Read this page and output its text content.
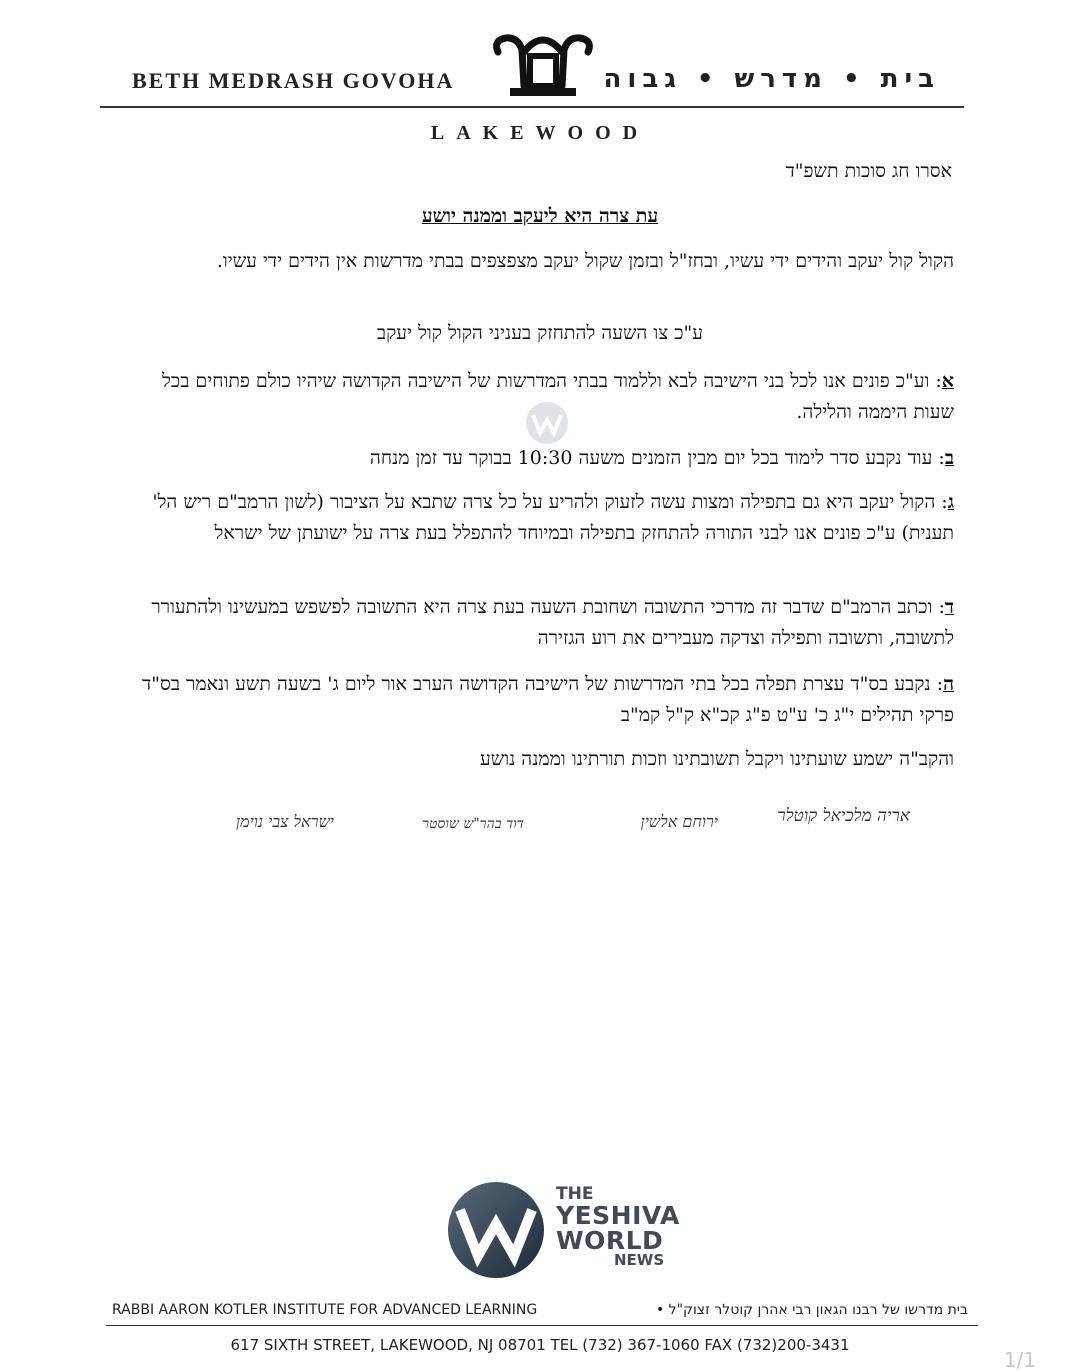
BETH MEDRASH GOVOHA	בית • מדרש • גבוה
LAKEWOOD
אסרו חג סוכות תשפ"ד
עת צרה היא ליעקב וממנה יושע
הקול קול יעקב והידים ידי עשיו, ובחז"ל ובזמן שקול יעקב מצפצפים בבתי מדרשות אין הידים ידי עשיו.
ע"כ צו השעה להתחזק בעניני הקול קול יעקב
א: וע"כ פונים אנו לכל בני הישיבה לבא וללמוד בבתי המדרשות של הישיבה הקדושה שיהיו כולם פתוחים בכל שעות היממה והלילה.
ב: עוד נקבע סדר לימוד בכל יום מבין הזמנים משעה 10:30 בבוקר עד זמן מנחה
ג: הקול יעקב היא גם בתפילה ומצות עשה לזעוק ולהריע על כל צרה שתבא על הציבור (לשון הרמב"ם ריש הל' תענית) ע"כ פונים אנו לבני התורה להתחזק בתפילה ובמיוחד להתפלל בעת צרה על ישועתן של ישראל
ד: וכתב הרמב"ם שדבר זה מדרכי התשובה ושחובת השעה בעת צרה היא התשובה לפשפש במעשינו ולהתעורר לתשובה, ותשובה ותפילה וצדקה מעבירים את רוע הגזירה
ה: נקבע בס"ד עצרת תפלה בכל בתי המדרשות של הישיבה הקדושה הערב אור ליום ג' בשעה תשע ונאמר בס"ד פרקי תהילים י"ג כ' ע"ט פ"ג קכ"א ק"ל קמ"ב
והקב"ה ישמע שועתינו ויקבל תשובתינו וזכות תורתינו וממנה נושע
אריה מלכיאל קוטלר
ירוחם אלשין
דוד בהר"ש שוסטר
ישראל צבי נוימן
THE
YESHIVA
WORLD
NEWS
RABBI AARON KOTLER INSTITUTE FOR ADVANCED LEARNING	בית מדרשו של רבנו הגאון רבי אהרן קוטלר זצוק"ל •
617 SIXTH STREET, LAKEWOOD, NJ 08701 TEL (732) 367-1060 FAX (732)200-3431
1/1
